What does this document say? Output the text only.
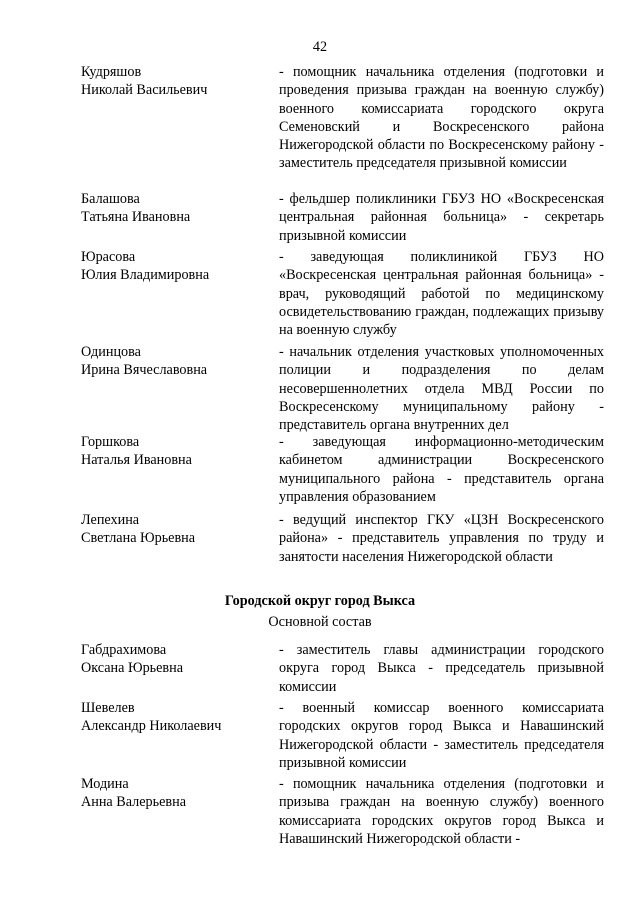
42
Кудряшов
Николай Васильевич
- помощник начальника отделения (подготовки и проведения призыва граждан на военную службу) военного комиссариата городского округа Семеновский и Воскресенского района Нижегородской области по Воскресенскому району - заместитель председателя призывной комиссии
Балашова
Татьяна Ивановна
- фельдшер поликлиники ГБУЗ НО «Воскресенская центральная районная больница» - секретарь призывной комиссии
Юрасова
Юлия Владимировна
- заведующая поликлиникой ГБУЗ НО «Воскресенская центральная районная больница» - врач, руководящий работой по медицинскому освидетельствованию граждан, подлежащих призыву на военную службу
Одинцова
Ирина Вячеславовна
- начальник отделения участковых уполномоченных полиции и подразделения по делам несовершеннолетних отдела МВД России по Воскресенскому муниципальному району - представитель органа внутренних дел
Горшкова
Наталья Ивановна
- заведующая информационно-методическим кабинетом администрации Воскресенского муниципального района - представитель органа управления образованием
Лепехина
Светлана Юрьевна
- ведущий инспектор ГКУ «ЦЗН Воскресенского района» - представитель управления по труду и занятости населения Нижегородской области
Городской округ город Выкса
Основной состав
Габдрахимова
Оксана Юрьевна
- заместитель главы администрации городского округа город Выкса - председатель призывной комиссии
Шевелев
Александр Николаевич
- военный комиссар военного комиссариата городских округов город Выкса и Навашинский Нижегородской области - заместитель председателя призывной комиссии
Модина
Анна Валерьевна
- помощник начальника отделения (подготовки и призыва граждан на военную службу) военного комиссариата городских округов город Выкса и Навашинский Нижегородской области -
